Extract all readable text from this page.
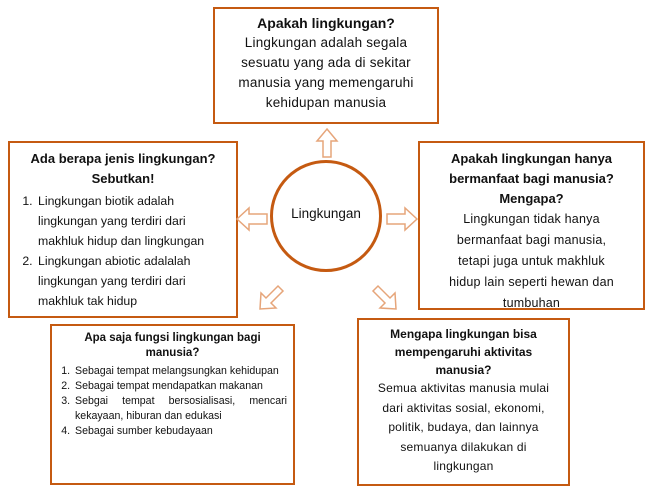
Apakah lingkungan?
Lingkungan adalah segala
sesuatu yang ada di sekitar
manusia yang memengaruhi
kehidupan manusia
Ada berapa jenis lingkungan?
Sebutkan!
1. Lingkungan biotik adalah lingkungan yang terdiri dari makhluk hidup dan lingkungan
2. Lingkungan abiotic adalalah lingkungan yang terdiri dari makhluk tak hidup
Apakah lingkungan hanya
bermanfaat bagi manusia?
Mengapa?
Lingkungan tidak hanya
bermanfaat bagi manusia,
tetapi juga untuk makhluk
hidup lain seperti hewan dan
tumbuhan
Apa saja fungsi lingkungan bagi
manusia?
1. Sebagai tempat melangsungkan kehidupan
2. Sebagai tempat mendapatkan makanan
3. Sebgai tempat bersosialisasi, mencari kekayaan, hiburan dan edukasi
4. Sebagai sumber kebudayaan
Mengapa lingkungan bisa
mempengaruhi aktivitas
manusia?
Semua aktivitas manusia mulai
dari aktivitas sosial, ekonomi,
politik, budaya, dan lainnya
semuanya dilakukan di
lingkungan
Lingkungan
